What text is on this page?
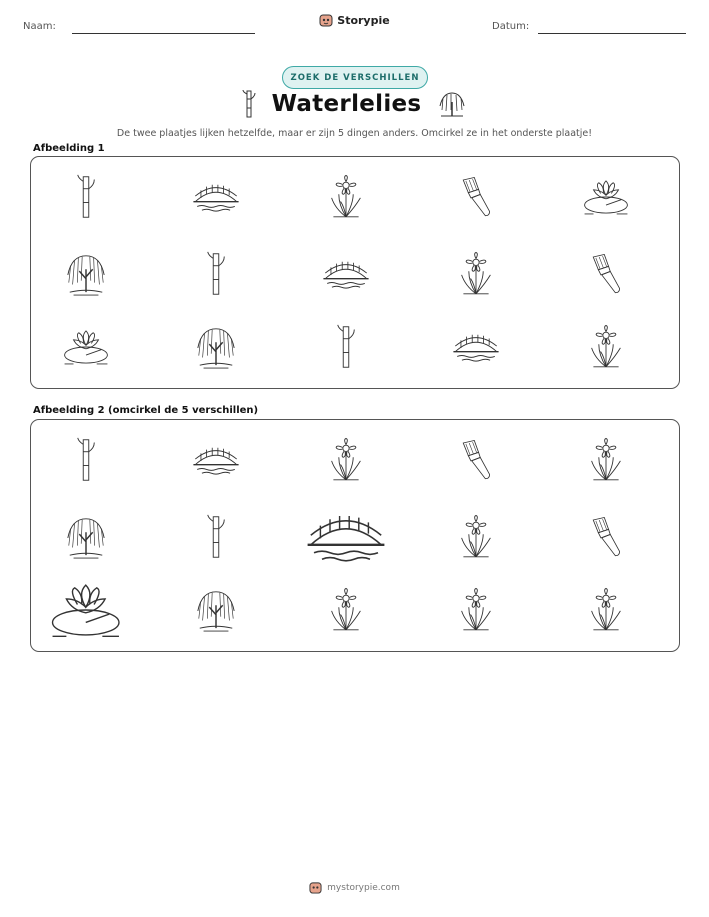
Naam:	Storypie	Datum:
ZOEK DE VERSCHILLEN
Waterlelies
De twee plaatjes lijken hetzelfde, maar er zijn 5 dingen anders. Omcirkel ze in het onderste plaatje!
Afbeelding 1
Afbeelding 2 (omcirkel de 5 verschillen)
mystorypie.com
